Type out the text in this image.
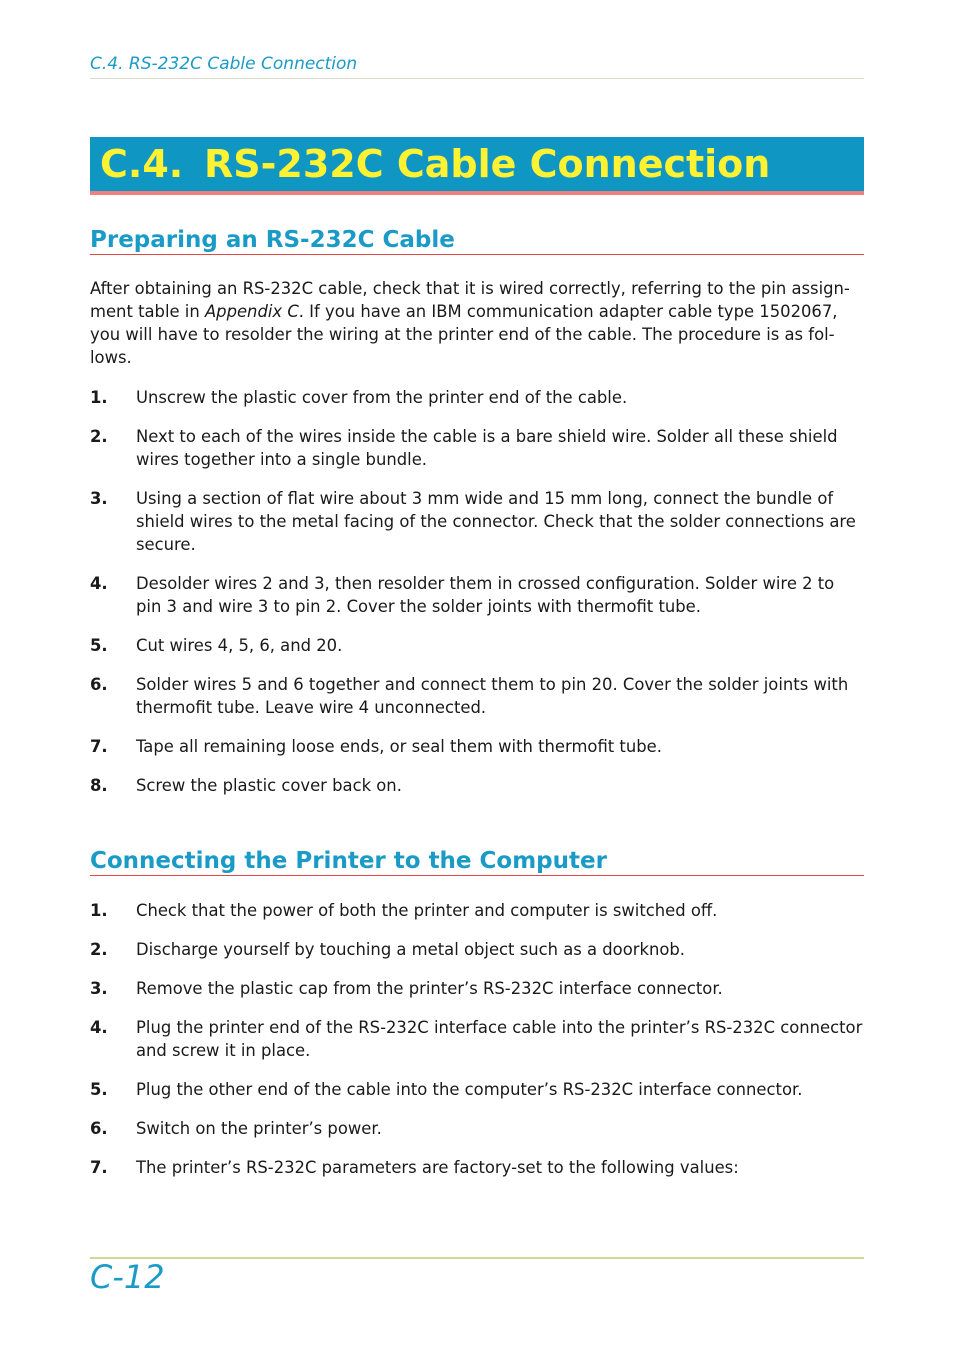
C.4. RS-232C Cable Connection
C.4. RS-232C Cable Connection
Preparing an RS-232C Cable
After obtaining an RS-232C cable, check that it is wired correctly, referring to the pin assign-
ment table in Appendix C. If you have an IBM communication adapter cable type 1502067,
you will have to resolder the wiring at the printer end of the cable. The procedure is as fol-
lows.
1. Unscrew the plastic cover from the printer end of the cable.
2. Next to each of the wires inside the cable is a bare shield wire. Solder all these shield wires together into a single bundle.
3. Using a section of flat wire about 3 mm wide and 15 mm long, connect the bundle of shield wires to the metal facing of the connector. Check that the solder connections are secure.
4. Desolder wires 2 and 3, then resolder them in crossed configuration. Solder wire 2 to pin 3 and wire 3 to pin 2. Cover the solder joints with thermofit tube.
5. Cut wires 4, 5, 6, and 20.
6. Solder wires 5 and 6 together and connect them to pin 20. Cover the solder joints with thermofit tube. Leave wire 4 unconnected.
7. Tape all remaining loose ends, or seal them with thermofit tube.
8. Screw the plastic cover back on.
Connecting the Printer to the Computer
1. Check that the power of both the printer and computer is switched off.
2. Discharge yourself by touching a metal object such as a doorknob.
3. Remove the plastic cap from the printer’s RS-232C interface connector.
4. Plug the printer end of the RS-232C interface cable into the printer’s RS-232C connector and screw it in place.
5. Plug the other end of the cable into the computer’s RS-232C interface connector.
6. Switch on the printer’s power.
7. The printer’s RS-232C parameters are factory-set to the following values:
C-12
